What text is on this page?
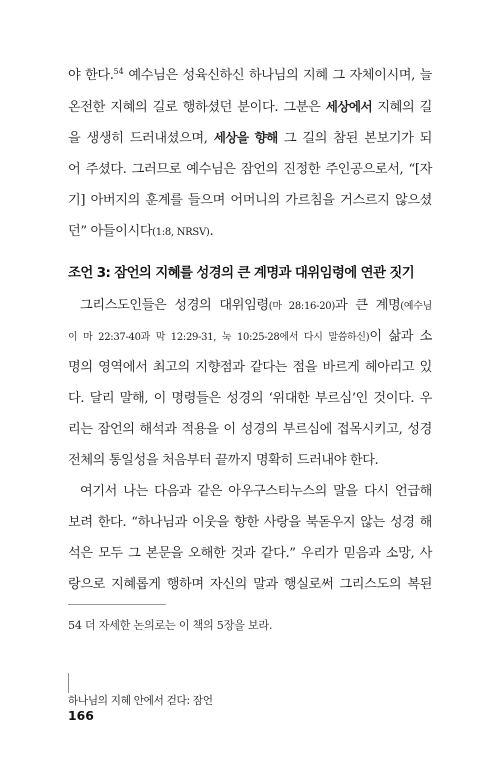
야 한다.$^{54}$ 예수님은 성육신하신 하나님의 지혜 그 자체이시며, 늘
온전한 지혜의 길로 행하셨던 분이다. 그분은 세상에서 지혜의 길
을 생생히 드러내셨으며, 세상을 향해 그 길의 참된 본보기가 되
어 주셨다. 그러므로 예수님은 잠언의 진정한 주인공으로서, “[자
기] 아버지의 훈계를 들으며 어머니의 가르침을 거스르지 않으셨
던” 아들이시다(1:8, NRSV).
조언 3: 잠언의 지혜를 성경의 큰 계명과 대위임령에 연관 짓기
그리스도인들은 성경의 대위임령(마 28:16-20)과 큰 계명(예수님
이 마 22:37-40과 막 12:29-31, 눅 10:25-28에서 다시 말씀하신)이 삶과 소
명의 영역에서 최고의 지향점과 같다는 점을 바르게 헤아리고 있
다. 달리 말해, 이 명령들은 성경의 ‘위대한 부르심’인 것이다. 우
리는 잠언의 해석과 적용을 이 성경의 부르심에 접목시키고, 성경
전체의 통일성을 처음부터 끝까지 명확히 드러내야 한다.
여기서 나는 다음과 같은 아우구스티누스의 말을 다시 언급해
보려 한다. “하나님과 이웃을 향한 사랑을 북돋우지 않는 성경 해
석은 모두 그 본문을 오해한 것과 같다.” 우리가 믿음과 소망, 사
랑으로 지혜롭게 행하며 자신의 말과 행실로써 그리스도의 복된
54 더 자세한 논의로는 이 책의 5장을 보라.
하나님의 지혜 안에서 걷다: 잠언
166
